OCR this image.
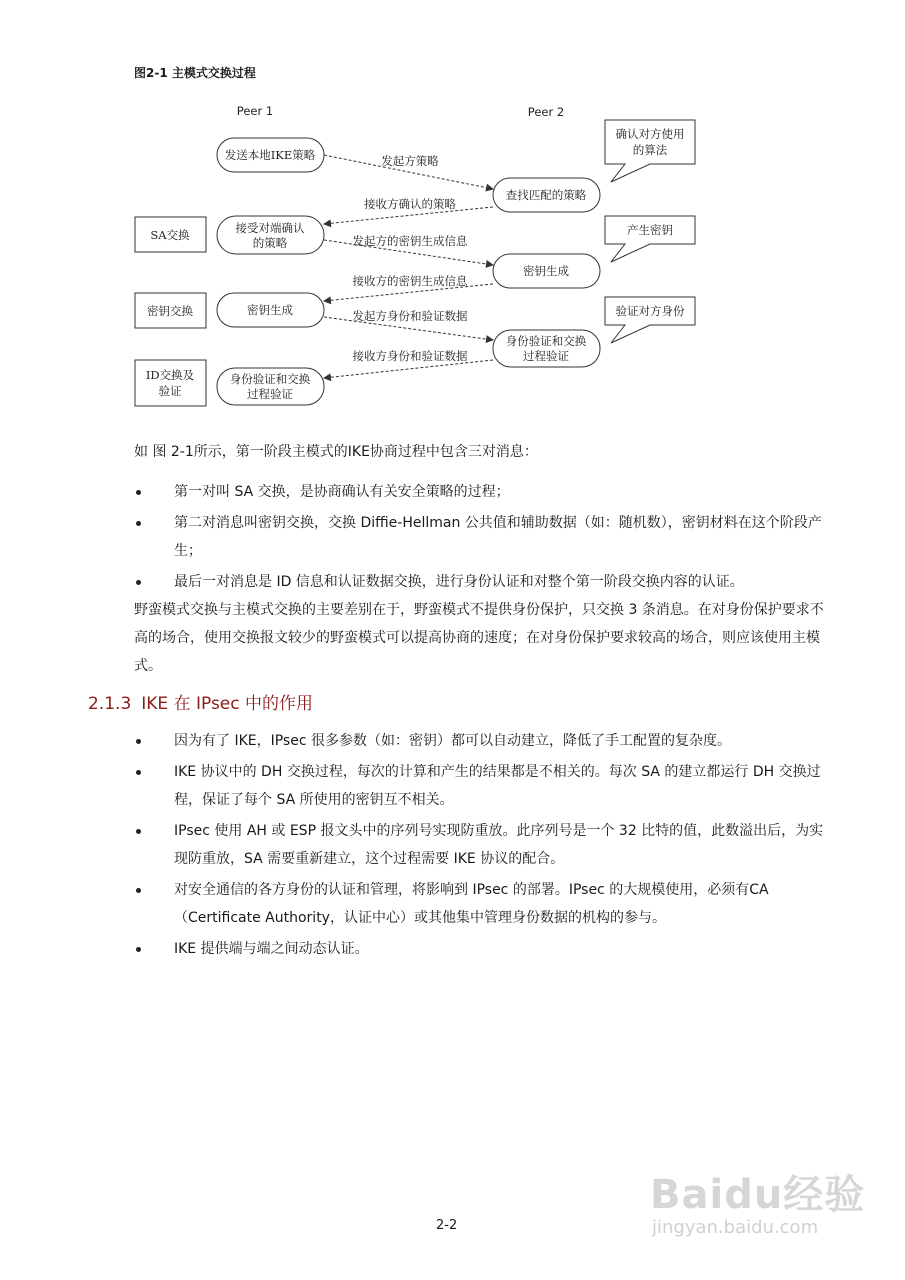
图2-1 主模式交换过程
Peer 1	Peer 2
发送本地IKE策略
接受对端确认
的策略
密钥生成
身份验证和交换
过程验证
查找匹配的策略
密钥生成
身份验证和交换
过程验证
SA交换
密钥交换
ID交换及
验证
确认对方使用
的算法
产生密钥
验证对方身份
发起方策略
接收方确认的策略
发起方的密钥生成信息
接收方的密钥生成信息
发起方身份和验证数据
接收方身份和验证数据

如 图 2-1所示，第一阶段主模式的IKE协商过程中包含三对消息：

第一对叫 SA 交换，是协商确认有关安全策略的过程；
第二对消息叫密钥交换，交换 Diffie-Hellman 公共值和辅助数据（如：随机数），密钥材料在这个阶段产生；
最后一对消息是 ID 信息和认证数据交换，进行身份认证和对整个第一阶段交换内容的认证。

野蛮模式交换与主模式交换的主要差别在于，野蛮模式不提供身份保护，只交换 3 条消息。在对身份保护要求不高的场合，使用交换报文较少的野蛮模式可以提高协商的速度；在对身份保护要求较高的场合，则应该使用主模式。

2.1.3 IKE 在 IPsec 中的作用
因为有了 IKE，IPsec 很多参数（如：密钥）都可以自动建立，降低了手工配置的复杂度。
IKE 协议中的 DH 交换过程，每次的计算和产生的结果都是不相关的。每次 SA 的建立都运行 DH 交换过程，保证了每个 SA 所使用的密钥互不相关。
IPsec 使用 AH 或 ESP 报文头中的序列号实现防重放。此序列号是一个 32 比特的值，此数溢出后，为实现防重放，SA 需要重新建立，这个过程需要 IKE 协议的配合。
对安全通信的各方身份的认证和管理，将影响到 IPsec 的部署。IPsec 的大规模使用，必须有CA（Certificate Authority，认证中心）或其他集中管理身份数据的机构的参与。
IKE 提供端与端之间动态认证。
Baidu经验
jingyan.baidu.com
2-2
